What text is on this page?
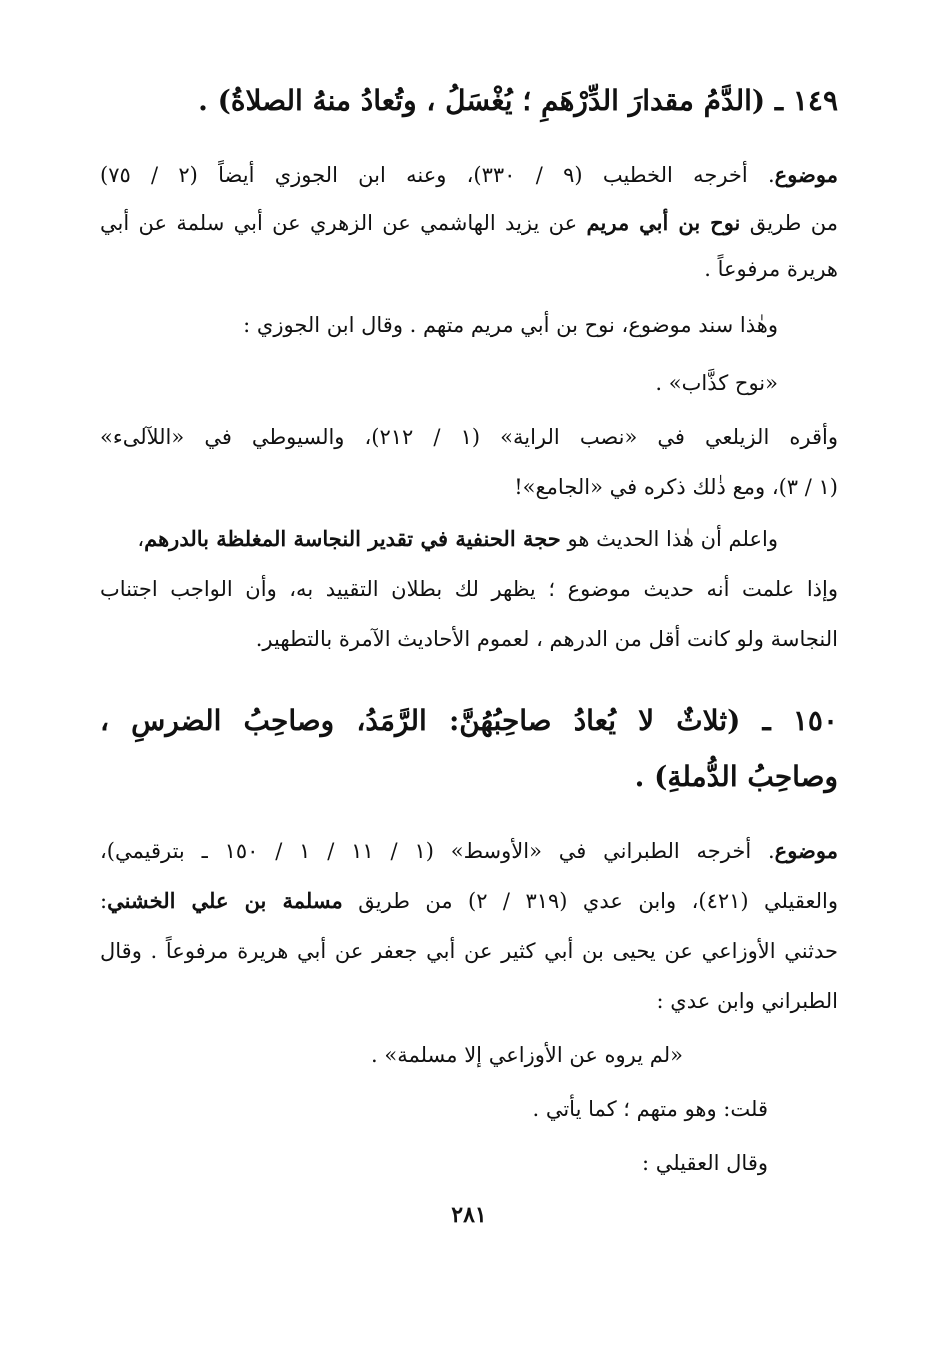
١٤٩ ـ (الدَّمُ مقدارَ الدِّرْهَمِ ؛ يُغْسَلُ ، وتُعادُ منهُ الصلاةُ) .

موضوع. أخرجه الخطيب (٩ / ٣٣٠)، وعنه ابن الجوزي أيضاً (٢ / ٧٥)

من طريق نوح بن أبي مريم عن يزيد الهاشمي عن الزهري عن أبي سلمة عن أبي

هريرة مرفوعاً .

وهٰذا سند موضوع، نوح بن أبي مريم متهم . وقال ابن الجوزي :

«نوح كذَّاب» .

وأقره الزيلعي في «نصب الراية» (١ / ٢١٢)، والسيوطي في «اللآلىء»

(١ / ٣)، ومع ذٰلك ذكره في «الجامع»!

واعلم أن هٰذا الحديث هو حجة الحنفية في تقدير النجاسة المغلظة بالدرهم،

وإذا علمت أنه حديث موضوع ؛ يظهر لك بطلان التقييد به، وأن الواجب اجتناب

النجاسة ولو كانت أقل من الدرهم ، لعموم الأحاديث الآمرة بالتطهير.

١٥٠ ـ (ثلاثٌ لا يُعادُ صاحِبُهُنَّ: الرَّمَدُ، وصاحِبُ الضرسِ ،

وصاحِبُ الدُّملةِ) .

موضوع. أخرجه الطبراني في «الأوسط» (١ / ١١ / ١ / ١٥٠ ـ بترقيمي)،

والعقيلي (٤٢١)، وابن عدي (٣١٩ / ٢) من طريق مسلمة بن علي الخشني:

حدثني الأوزاعي عن يحيى بن أبي كثير عن أبي جعفر عن أبي هريرة مرفوعاً . وقال

الطبراني وابن عدي :

«لم يروه عن الأوزاعي إلا مسلمة» .

قلت: وهو متهم ؛ كما يأتي .

وقال العقيلي :

٢٨١
